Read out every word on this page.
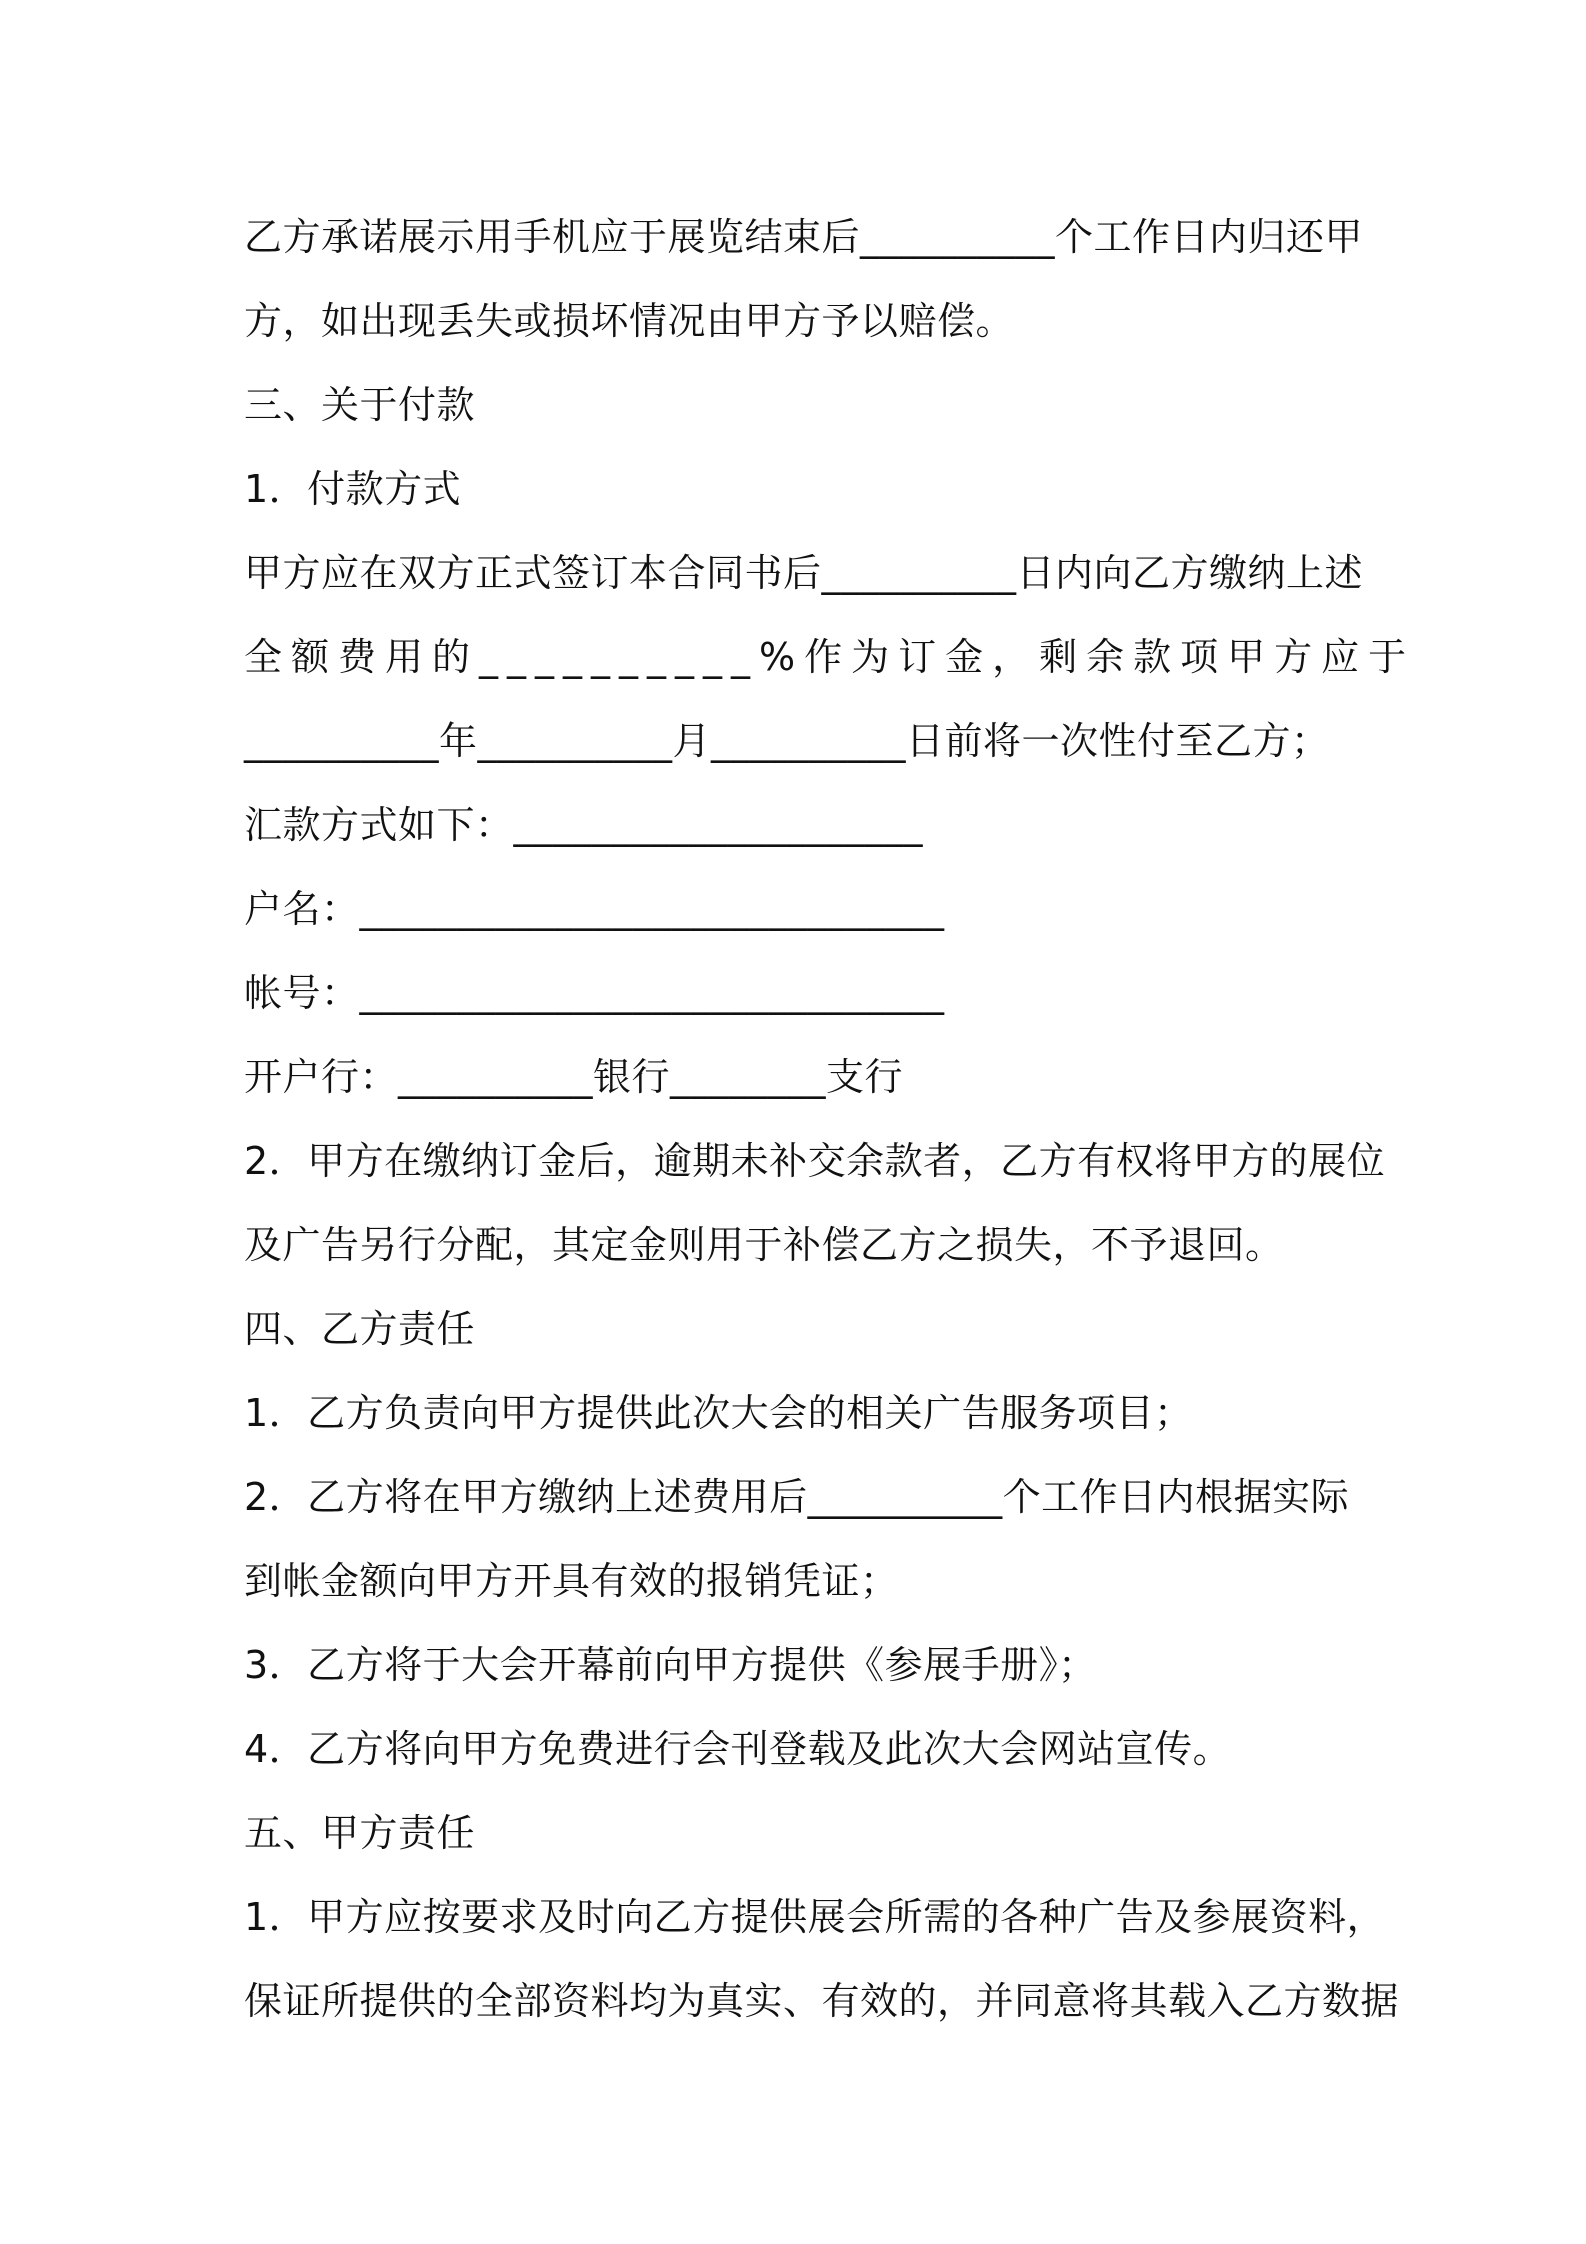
乙方承诺展示用手机应于展览结束后__________个工作日内归还甲
方，如出现丢失或损坏情况由甲方予以赔偿。
三、关于付款
1．付款方式
甲方应在双方正式签订本合同书后__________日内向乙方缴纳上述
全额费用的__________%作为订金，剩余款项甲方应于
__________年__________月__________日前将一次性付至乙方；
汇款方式如下：_____________________
户名：______________________________
帐号：______________________________
开户行：__________银行________支行
2．甲方在缴纳订金后，逾期未补交余款者，乙方有权将甲方的展位
及广告另行分配，其定金则用于补偿乙方之损失，不予退回。
四、乙方责任
1．乙方负责向甲方提供此次大会的相关广告服务项目；
2．乙方将在甲方缴纳上述费用后__________个工作日内根据实际
到帐金额向甲方开具有效的报销凭证；
3．乙方将于大会开幕前向甲方提供《参展手册》；
4．乙方将向甲方免费进行会刊登载及此次大会网站宣传。
五、甲方责任
1．甲方应按要求及时向乙方提供展会所需的各种广告及参展资料，
保证所提供的全部资料均为真实、有效的，并同意将其载入乙方数据
